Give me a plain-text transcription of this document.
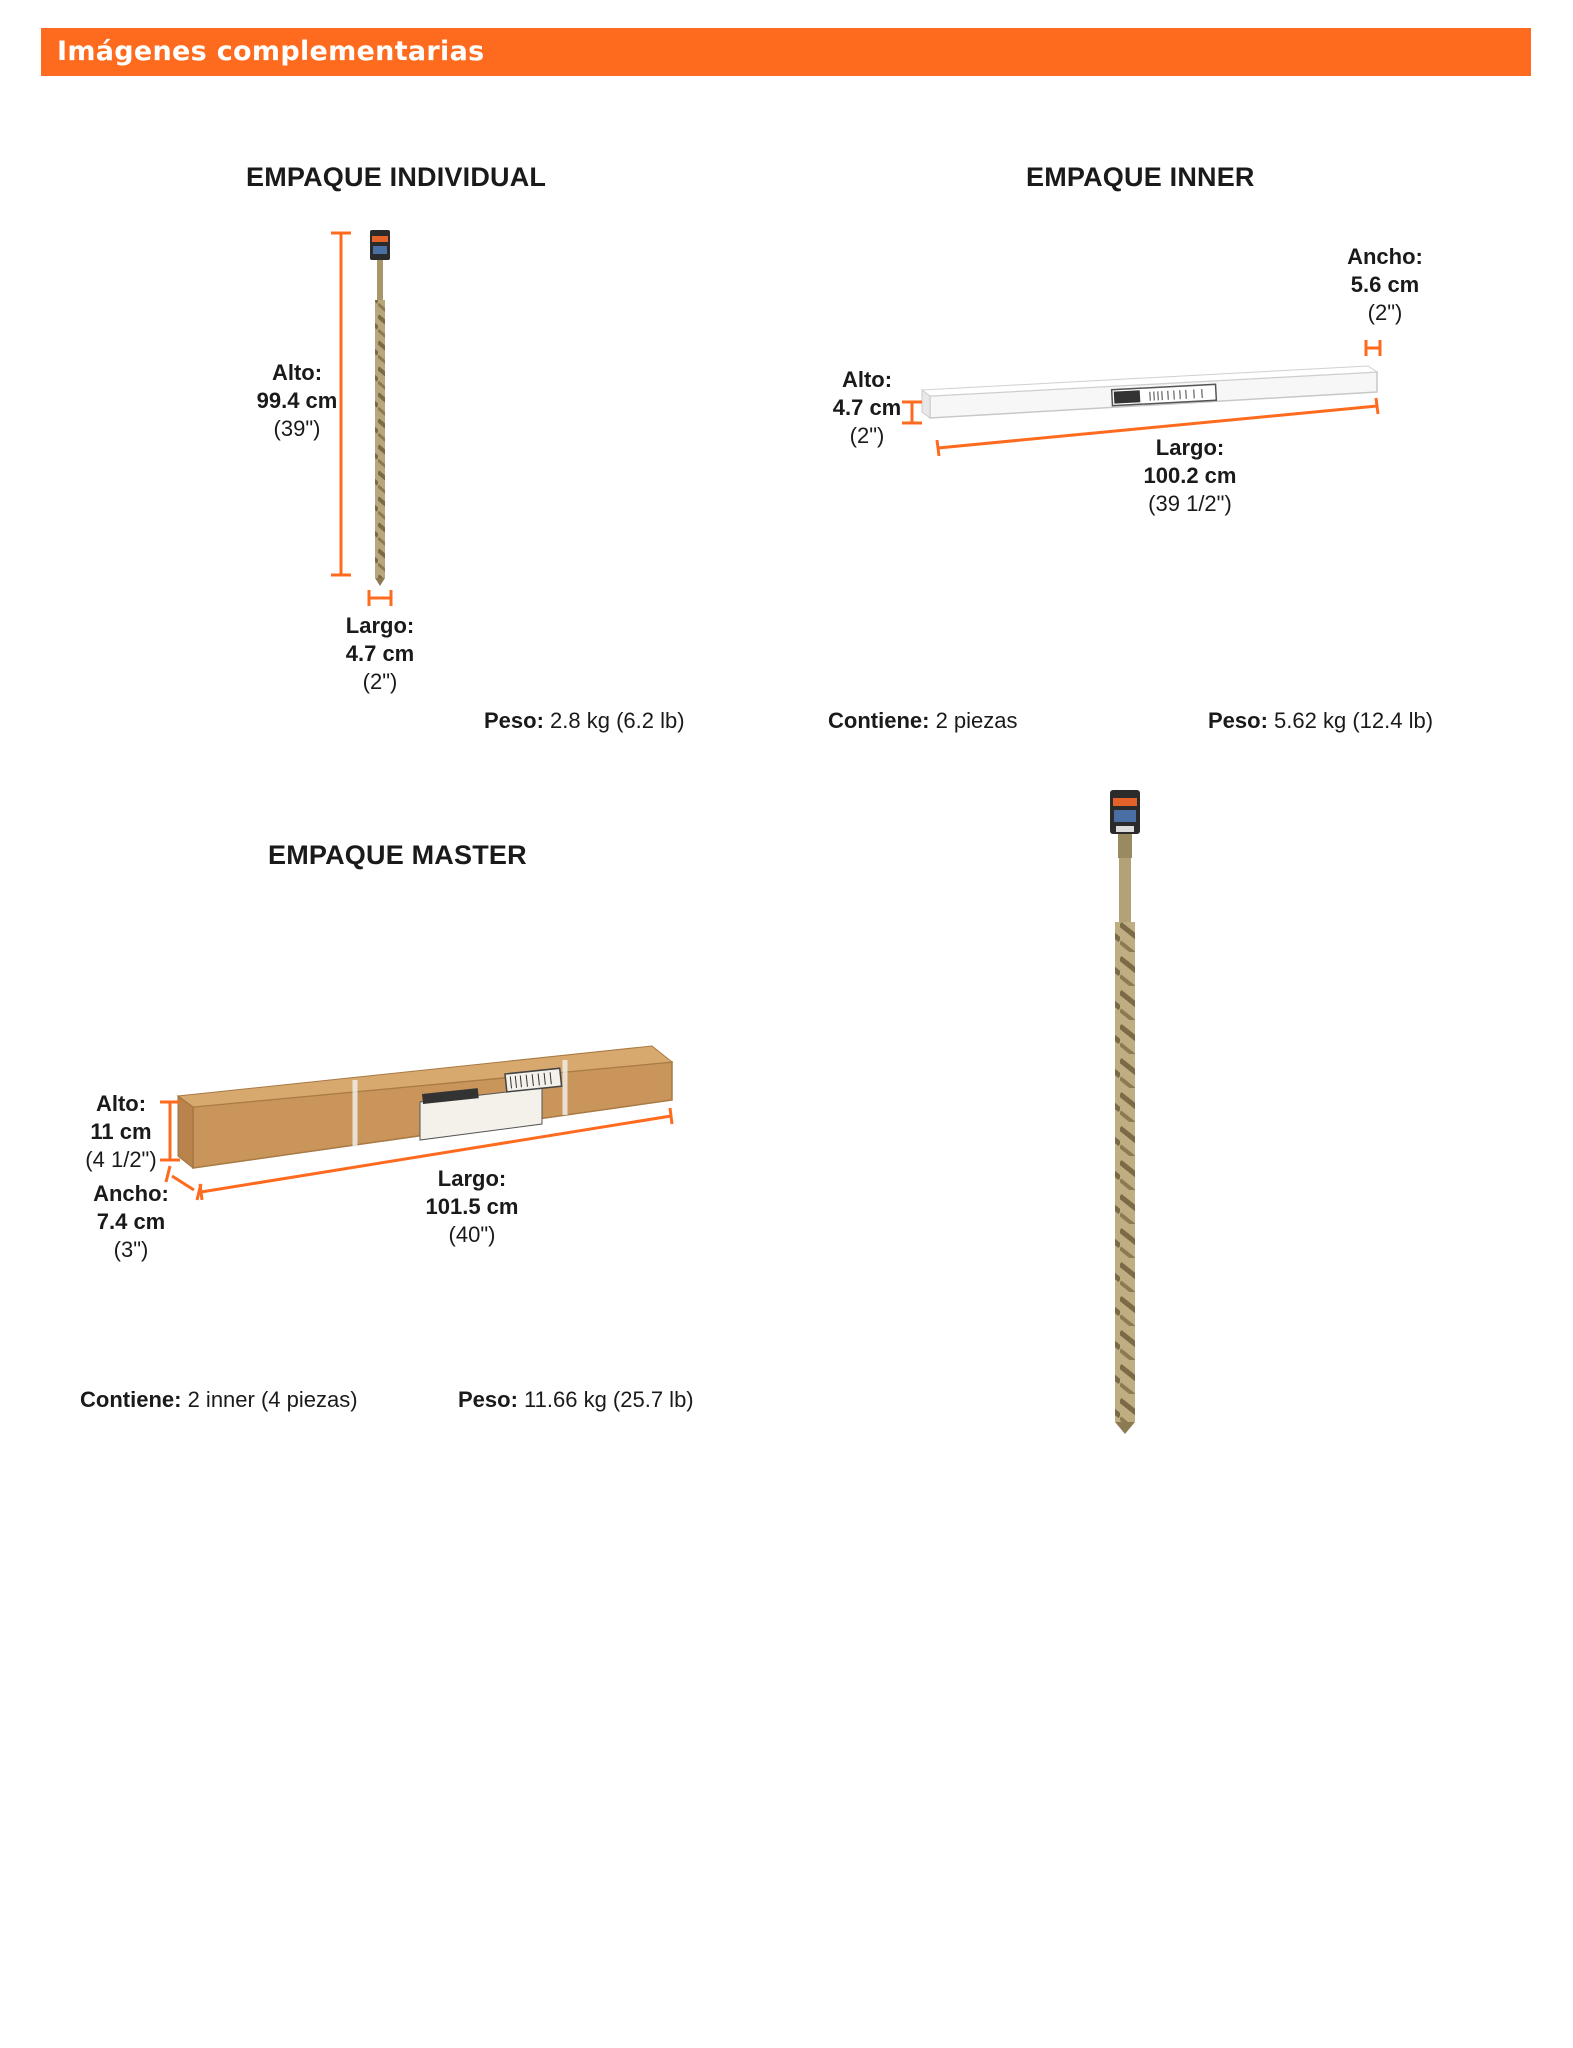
Imágenes complementarias
EMPAQUE INDIVIDUAL	EMPAQUE INNER
EMPAQUE MASTER
Alto:
99.4 cm
(39")
Largo:
4.7 cm
(2")
Peso: 2.8 kg (6.2 lb)
Ancho:
5.6 cm
(2")
Alto:
4.7 cm
(2")	Largo:
100.2 cm
(39 1/2")
Contiene: 2 piezas	Peso: 5.62 kg (12.4 lb)
Alto:
11 cm
(4 1/2")
Ancho:
7.4 cm
(3")
Largo:
101.5 cm
(40")
Contiene: 2 inner (4 piezas)	Peso: 11.66 kg (25.7 lb)
